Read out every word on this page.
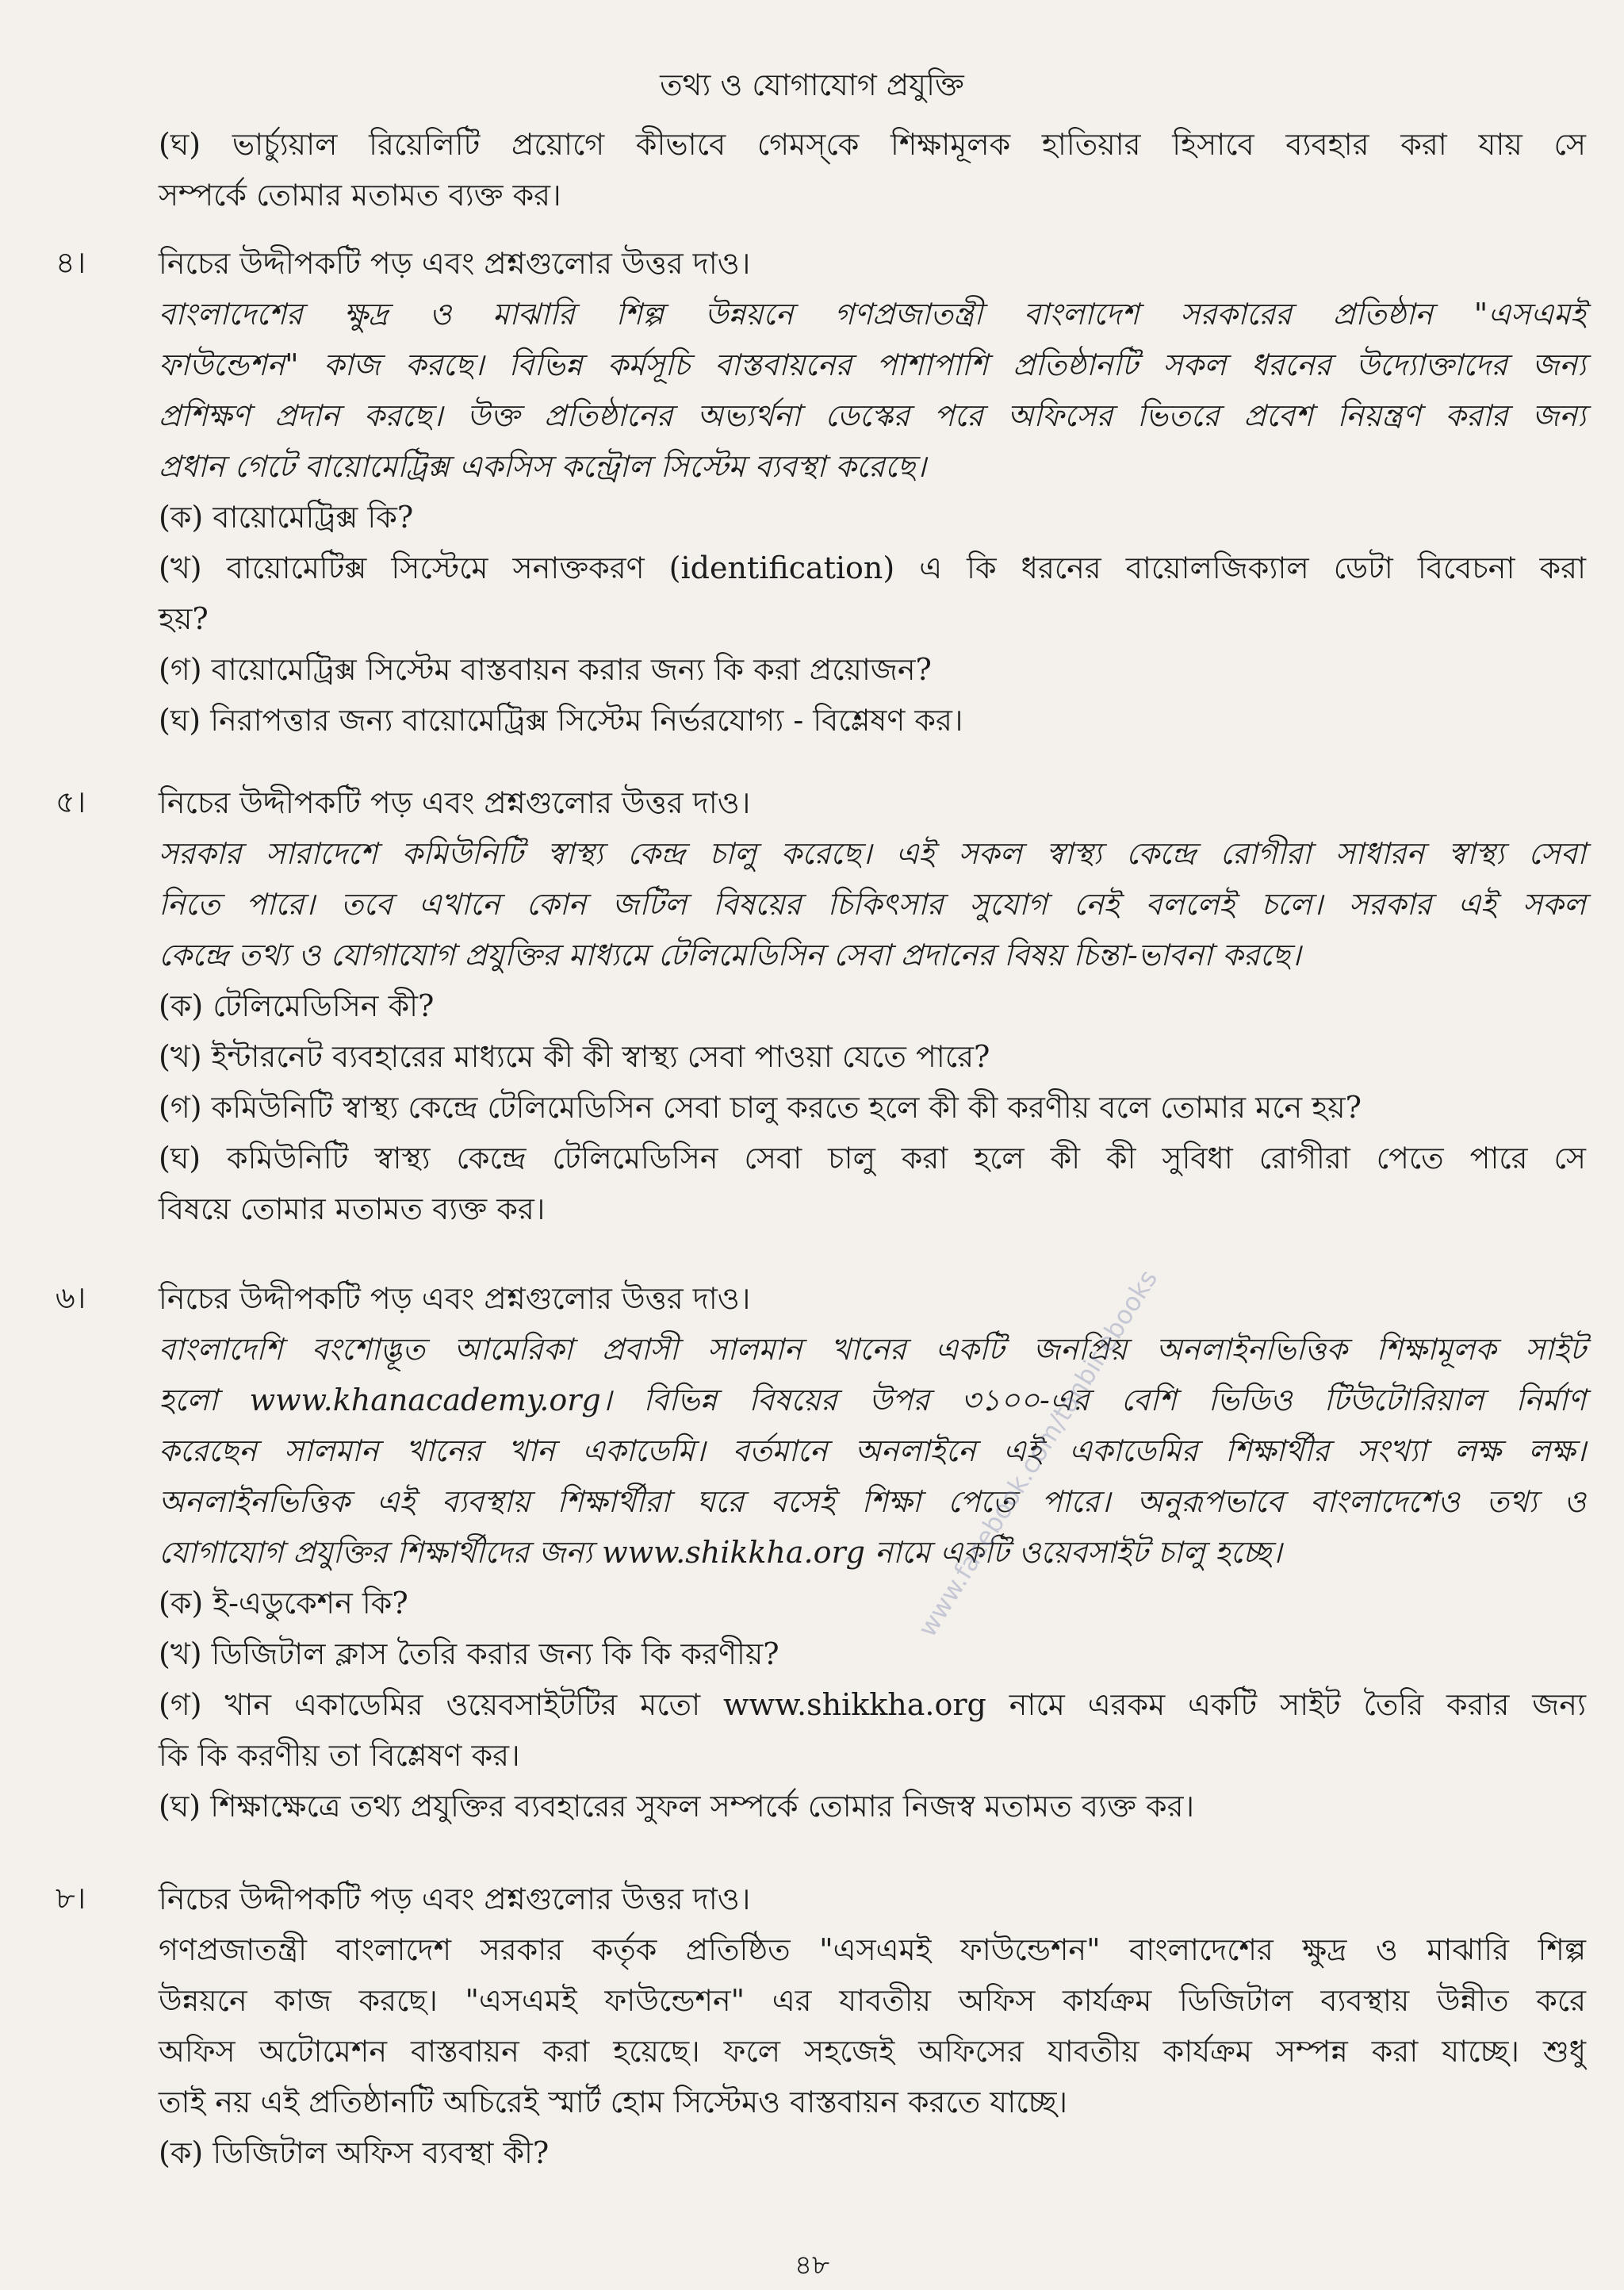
তথ্য ও যোগাযোগ প্রযুক্তি
(ঘ) ভার্চ্যুয়াল রিয়েলিটি প্রয়োগে কীভাবে গেমস্‌কে শিক্ষামূলক হাতিয়ার হিসাবে ব্যবহার করা যায় সে
সম্পর্কে তোমার মতামত ব্যক্ত কর।
৪।	নিচের উদ্দীপকটি পড় এবং প্রশ্নগুলোর উত্তর দাও।
বাংলাদেশের ক্ষুদ্র ও মাঝারি শিল্প উন্নয়নে গণপ্রজাতন্ত্রী বাংলাদেশ সরকারের প্রতিষ্ঠান "এসএমই
ফাউন্ডেশন" কাজ করছে। বিভিন্ন কর্মসূচি বাস্তবায়নের পাশাপাশি প্রতিষ্ঠানটি সকল ধরনের উদ্যোক্তাদের জন্য
প্রশিক্ষণ প্রদান করছে। উক্ত প্রতিষ্ঠানের অভ্যর্থনা ডেস্কের পরে অফিসের ভিতরে প্রবেশ নিয়ন্ত্রণ করার জন্য
প্রধান গেটে বায়োমেট্রিক্স একসিস কন্ট্রোল সিস্টেম ব্যবস্থা করেছে।
(ক) বায়োমেট্রিক্স কি?
(খ) বায়োমেটিক্স সিস্টেমে সনাক্তকরণ (identification) এ কি ধরনের বায়োলজিক্যাল ডেটা বিবেচনা করা
হয়?
(গ) বায়োমেট্রিক্স সিস্টেম বাস্তবায়ন করার জন্য কি করা প্রয়োজন?
(ঘ) নিরাপত্তার জন্য বায়োমেট্রিক্স সিস্টেম নির্ভরযোগ্য - বিশ্লেষণ কর।
৫।	নিচের উদ্দীপকটি পড় এবং প্রশ্নগুলোর উত্তর দাও।
সরকার সারাদেশে কমিউনিটি স্বাস্থ্য কেন্দ্র চালু করেছে। এই সকল স্বাস্থ্য কেন্দ্রে রোগীরা সাধারন স্বাস্থ্য সেবা
নিতে পারে। তবে এখানে কোন জটিল বিষয়ের চিকিৎসার সুযোগ নেই বললেই চলে। সরকার এই সকল
কেন্দ্রে তথ্য ও যোগাযোগ প্রযুক্তির মাধ্যমে টেলিমেডিসিন সেবা প্রদানের বিষয় চিন্তা-ভাবনা করছে।
(ক) টেলিমেডিসিন কী?
(খ) ইন্টারনেট ব্যবহারের মাধ্যমে কী কী স্বাস্থ্য সেবা পাওয়া যেতে পারে?
(গ) কমিউনিটি স্বাস্থ্য কেন্দ্রে টেলিমেডিসিন সেবা চালু করতে হলে কী কী করণীয় বলে তোমার মনে হয়?
(ঘ) কমিউনিটি স্বাস্থ্য কেন্দ্রে টেলিমেডিসিন সেবা চালু করা হলে কী কী সুবিধা রোগীরা পেতে পারে সে
বিষয়ে তোমার মতামত ব্যক্ত কর।
৬।	নিচের উদ্দীপকটি পড় এবং প্রশ্নগুলোর উত্তর দাও।
বাংলাদেশি বংশোদ্ভূত আমেরিকা প্রবাসী সালমান খানের একটি জনপ্রিয় অনলাইনভিত্তিক শিক্ষামূলক সাইট
হলো www.khanacademy.org। বিভিন্ন বিষয়ের উপর ৩১০০-এর বেশি ভিডিও টিউটোরিয়াল নির্মাণ
করেছেন সালমান খানের খান একাডেমি। বর্তমানে অনলাইনে এই একাডেমির শিক্ষার্থীর সংখ্যা লক্ষ লক্ষ।
অনলাইনভিত্তিক এই ব্যবস্থায় শিক্ষার্থীরা ঘরে বসেই শিক্ষা পেতে পারে। অনুরূপভাবে বাংলাদেশেও তথ্য ও
যোগাযোগ প্রযুক্তির শিক্ষার্থীদের জন্য www.shikkha.org নামে একটি ওয়েবসাইট চালু হচ্ছে।
(ক) ই-এডুকেশন কি?
(খ) ডিজিটাল ক্লাস তৈরি করার জন্য কি কি করণীয়?
(গ) খান একাডেমির ওয়েবসাইটটির মতো www.shikkha.org নামে এরকম একটি সাইট তৈরি করার জন্য
কি কি করণীয় তা বিশ্লেষণ কর।
(ঘ) শিক্ষাক্ষেত্রে তথ্য প্রযুক্তির ব্যবহারের সুফল সম্পর্কে তোমার নিজস্ব মতামত ব্যক্ত কর।
৮।	নিচের উদ্দীপকটি পড় এবং প্রশ্নগুলোর উত্তর দাও।
গণপ্রজাতন্ত্রী বাংলাদেশ সরকার কর্তৃক প্রতিষ্ঠিত "এসএমই ফাউন্ডেশন" বাংলাদেশের ক্ষুদ্র ও মাঝারি শিল্প
উন্নয়নে কাজ করছে। "এসএমই ফাউন্ডেশন" এর যাবতীয় অফিস কার্যক্রম ডিজিটাল ব্যবস্থায় উন্নীত করে
অফিস অটোমেশন বাস্তবায়ন করা হয়েছে। ফলে সহজেই অফিসের যাবতীয় কার্যক্রম সম্পন্ন করা যাচ্ছে। শুধু
তাই নয় এই প্রতিষ্ঠানটি অচিরেই স্মার্ট হোম সিস্টেমও বাস্তবায়ন করতে যাচ্ছে।
(ক) ডিজিটাল অফিস ব্যবস্থা কী?
www.facebook.com/tanbir.ebooks
৪৮
